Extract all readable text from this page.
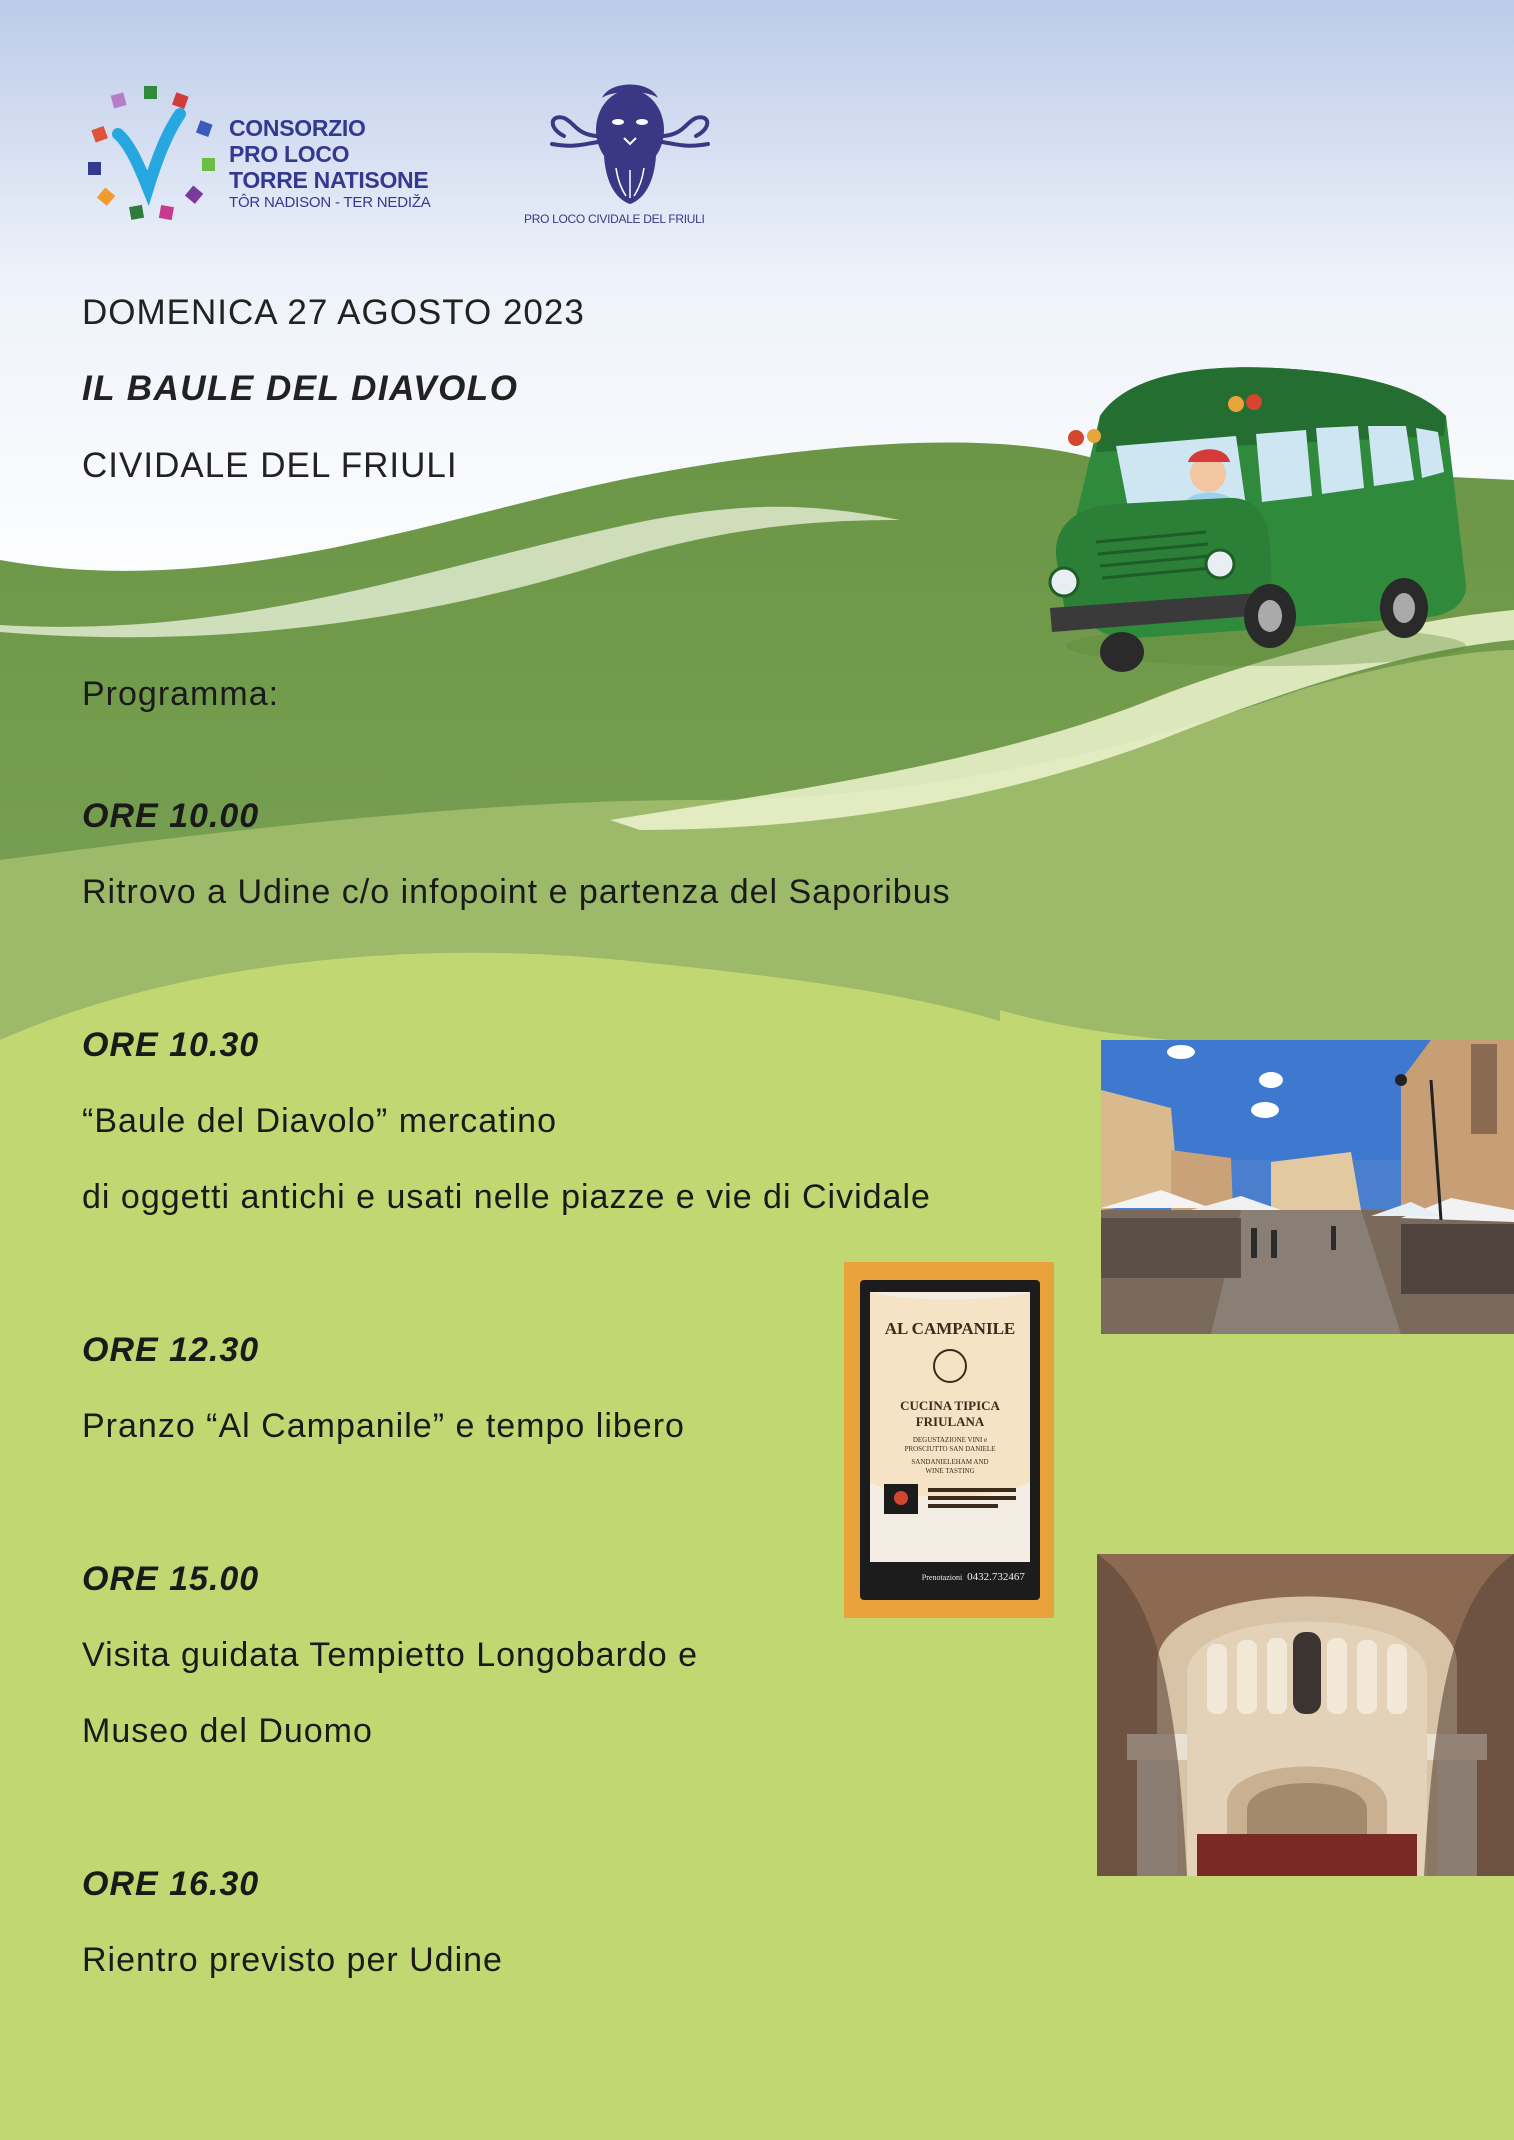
CONSORZIO
PRO LOCO
TORRE NATISONE
TÔR NADISON - TER NEDIŽA
PRO LOCO CIVIDALE DEL FRIULI
DOMENICA 27 AGOSTO 2023
IL BAULE DEL DIAVOLO
CIVIDALE DEL FRIULI
Programma:
ORE 10.00
Ritrovo a Udine c/o infopoint e partenza del Saporibus
ORE 10.30
“Baule del Diavolo” mercatino
di oggetti antichi e usati nelle piazze e vie di Cividale
ORE 12.30
Pranzo “Al Campanile” e tempo libero
ORE 15.00
Visita guidata Tempietto Longobardo e
Museo del Duomo
ORE 16.30
Rientro previsto per Udine
AL CAMPANILE
CUCINA TIPICA
FRIULANA
DEGUSTAZIONE VINI e
PROSCIUTTO SAN DANIELE
SANDANIELEHAM AND
WINE TASTING
Prenotazioni 0432.732467
